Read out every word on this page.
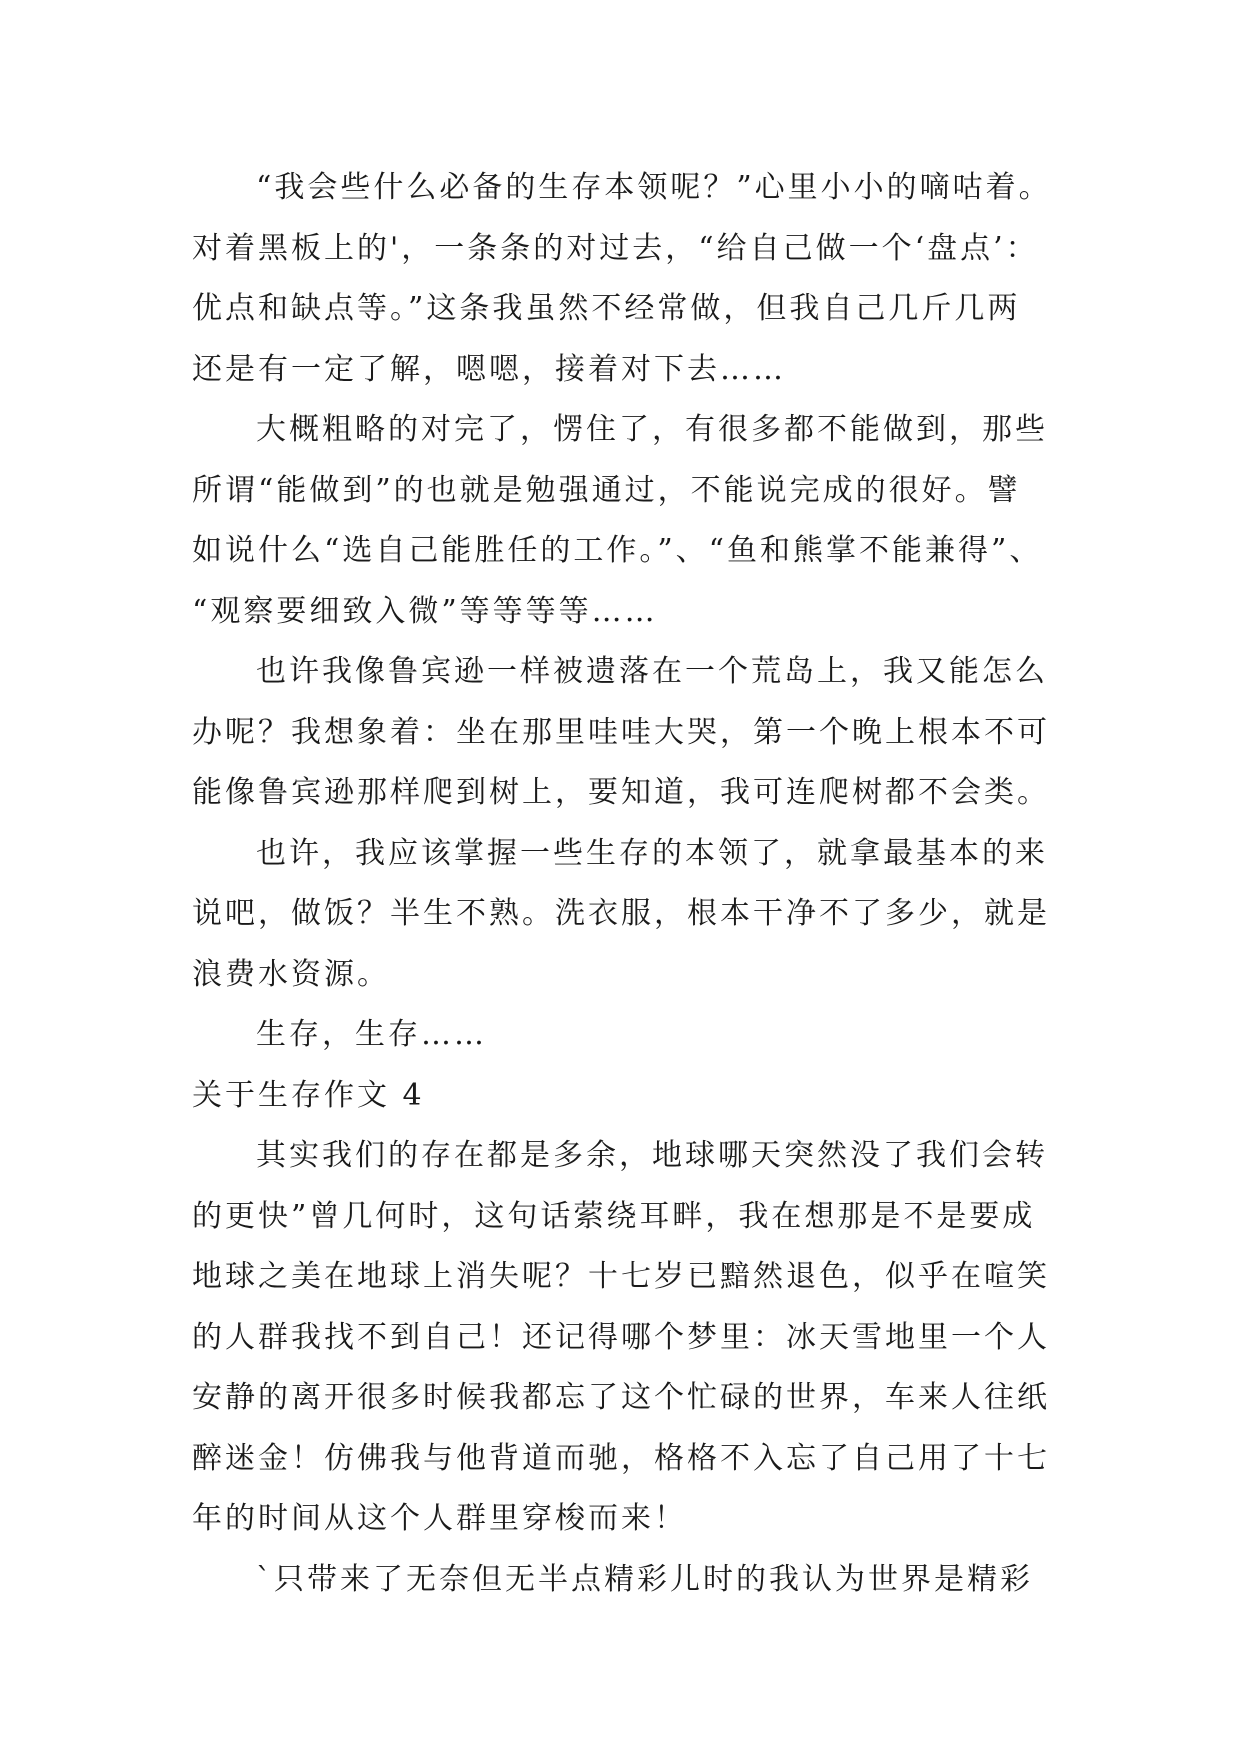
“我会些什么必备的生存本领呢？”心里小小的嘀咕着。
对着黑板上的'，一条条的对过去，“给自己做一个‘盘点’：
优点和缺点等。”这条我虽然不经常做，但我自己几斤几两
还是有一定了解，嗯嗯，接着对下去……
大概粗略的对完了，愣住了，有很多都不能做到，那些
所谓“能做到”的也就是勉强通过，不能说完成的很好。譬
如说什么“选自己能胜任的工作。”、“鱼和熊掌不能兼得”、
“观察要细致入微”等等等等……
也许我像鲁宾逊一样被遗落在一个荒岛上，我又能怎么
办呢？我想象着：坐在那里哇哇大哭，第一个晚上根本不可
能像鲁宾逊那样爬到树上，要知道，我可连爬树都不会类。
也许，我应该掌握一些生存的本领了，就拿最基本的来
说吧，做饭？半生不熟。洗衣服，根本干净不了多少，就是
浪费水资源。
生存，生存……
关于生存作文 4
其实我们的存在都是多余，地球哪天突然没了我们会转
的更快”曾几何时，这句话萦绕耳畔，我在想那是不是要成
地球之美在地球上消失呢？十七岁已黯然退色，似乎在喧笑
的人群我找不到自己！还记得哪个梦里：冰天雪地里一个人
安静的离开很多时候我都忘了这个忙碌的世界，车来人往纸
醉迷金！仿佛我与他背道而驰，格格不入忘了自己用了十七
年的时间从这个人群里穿梭而来！
`只带来了无奈但无半点精彩儿时的我认为世界是精彩
